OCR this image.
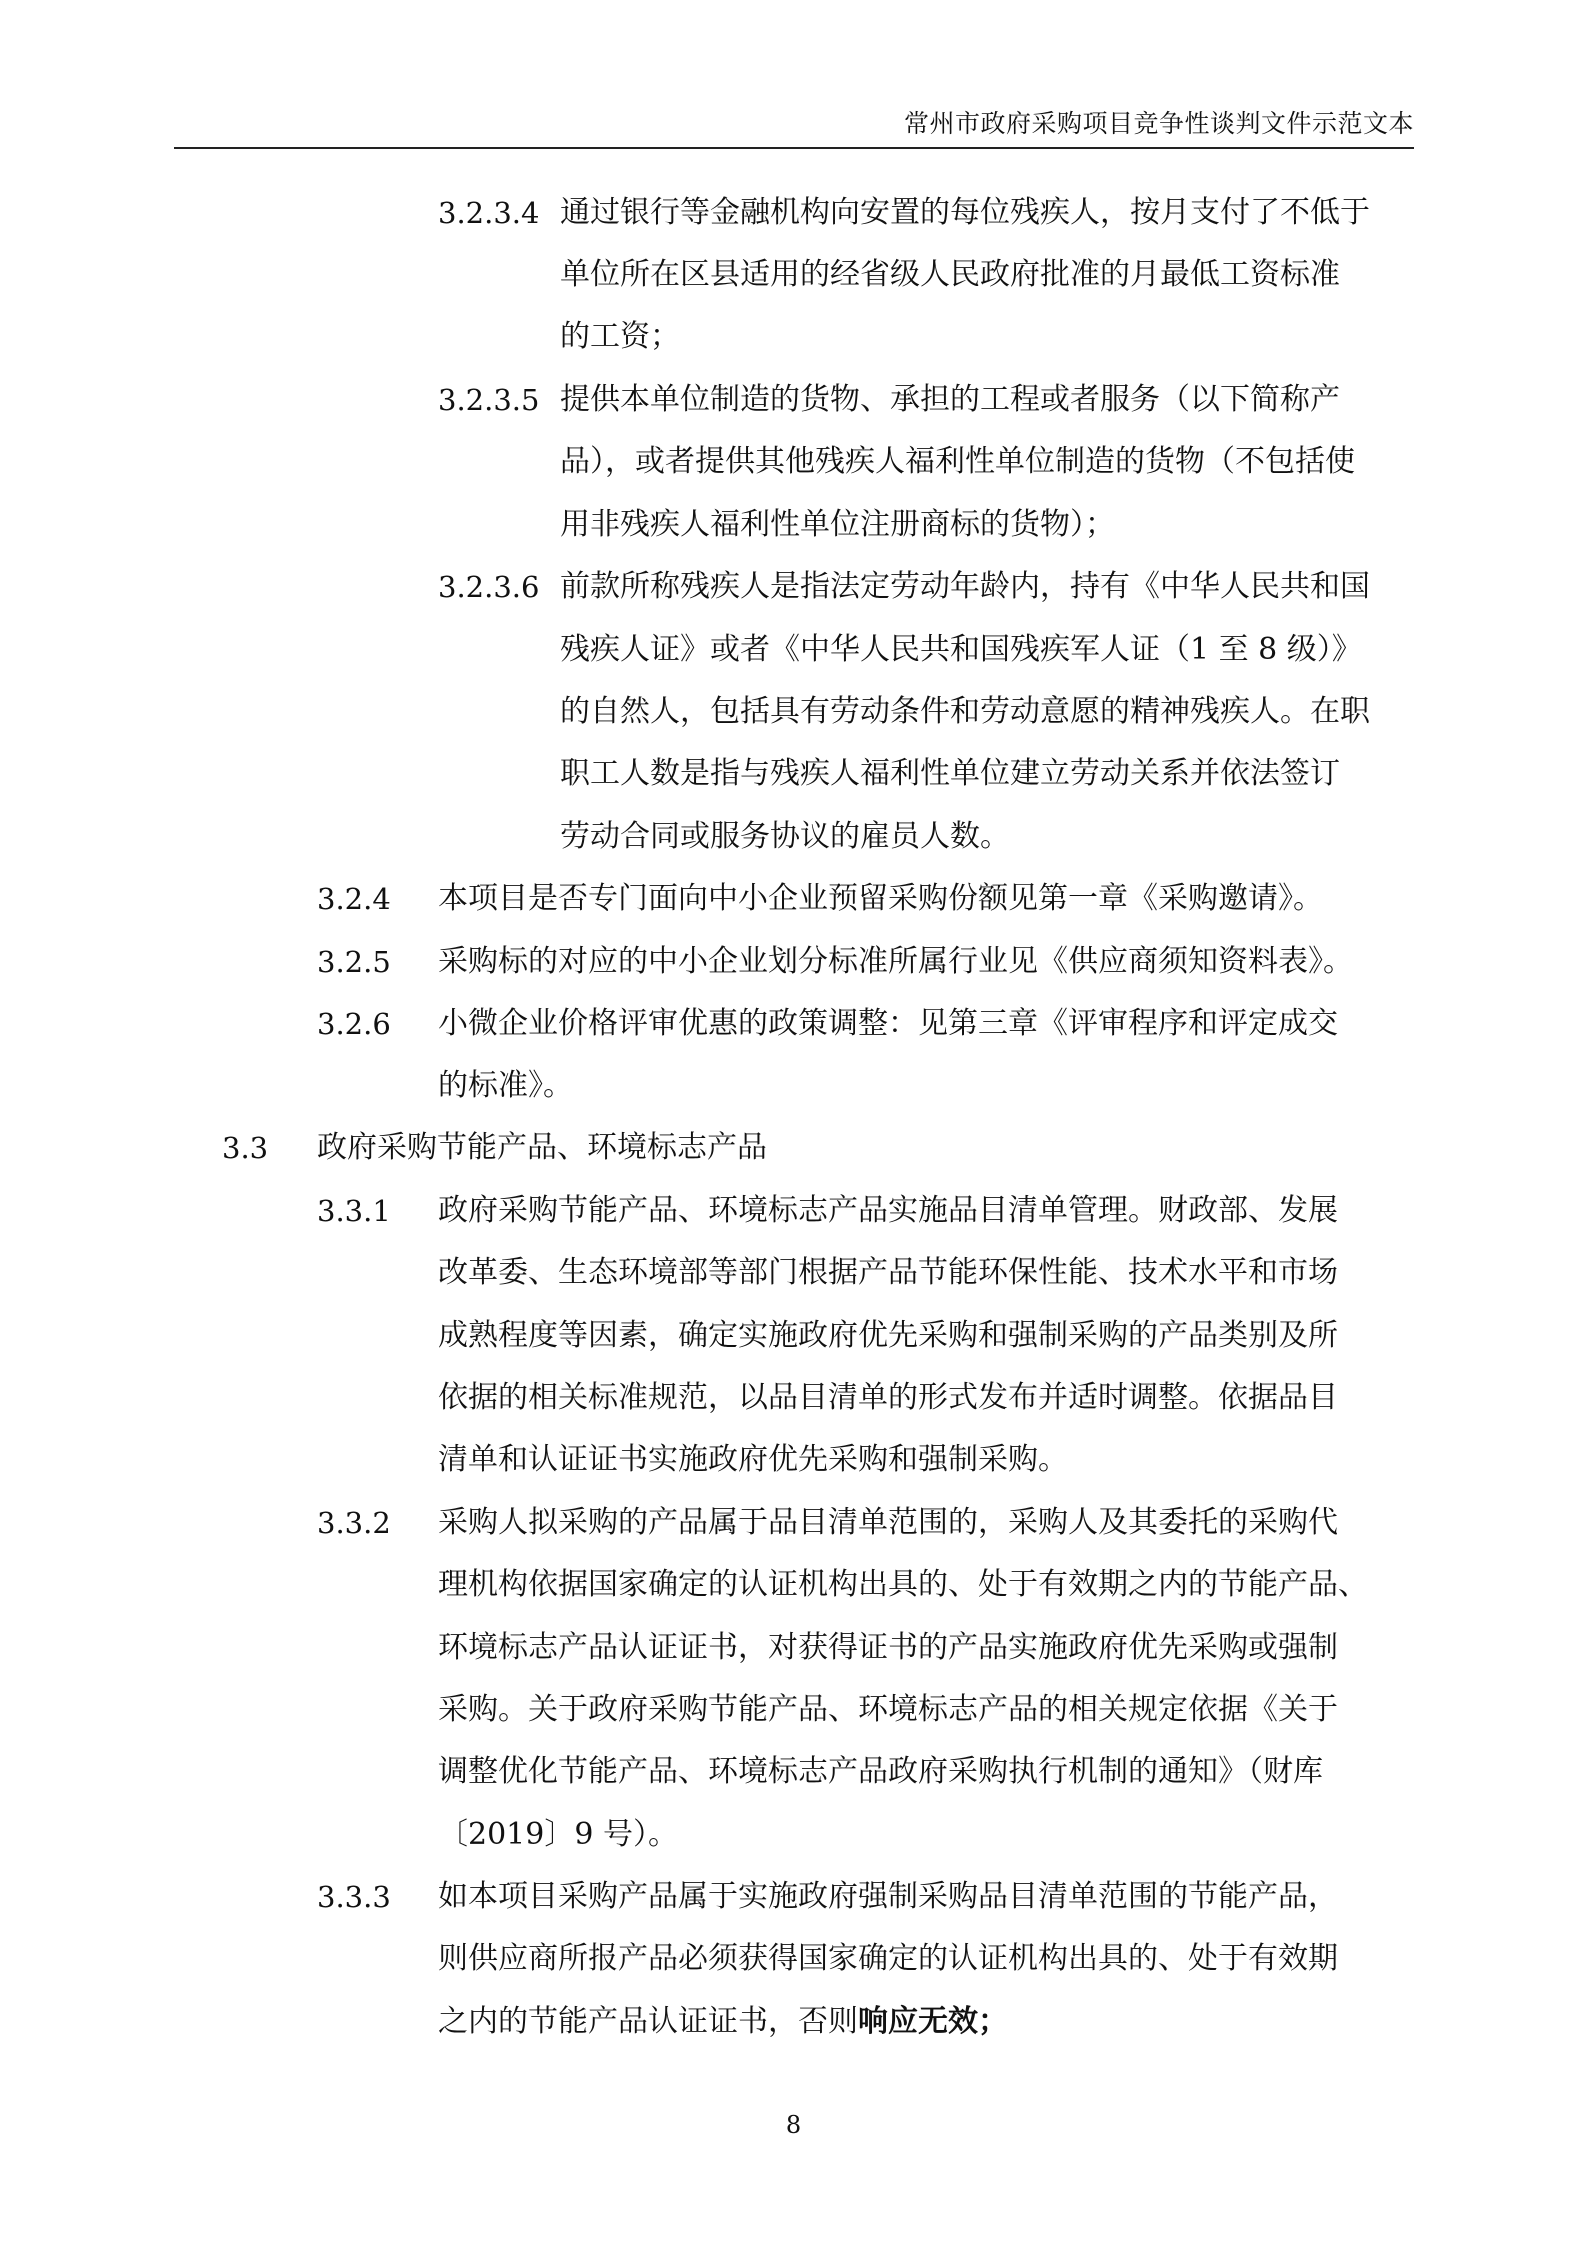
常州市政府采购项目竞争性谈判文件示范文本
3.2.3.4 通过银行等金融机构向安置的每位残疾人，按月支付了不低于
单位所在区县适用的经省级人民政府批准的月最低工资标准
的工资；
3.2.3.5 提供本单位制造的货物、承担的工程或者服务（以下简称产
品），或者提供其他残疾人福利性单位制造的货物（不包括使
用非残疾人福利性单位注册商标的货物）；
3.2.3.6 前款所称残疾人是指法定劳动年龄内，持有《中华人民共和国
残疾人证》或者《中华人民共和国残疾军人证（1 至 8 级）》
的自然人，包括具有劳动条件和劳动意愿的精神残疾人。在职
职工人数是指与残疾人福利性单位建立劳动关系并依法签订
劳动合同或服务协议的雇员人数。
3.2.4 本项目是否专门面向中小企业预留采购份额见第一章《采购邀请》。
3.2.5 采购标的对应的中小企业划分标准所属行业见《供应商须知资料表》。
3.2.6 小微企业价格评审优惠的政策调整：见第三章《评审程序和评定成交
的标准》。
3.3 政府采购节能产品、环境标志产品
3.3.1 政府采购节能产品、环境标志产品实施品目清单管理。财政部、发展
改革委、生态环境部等部门根据产品节能环保性能、技术水平和市场
成熟程度等因素，确定实施政府优先采购和强制采购的产品类别及所
依据的相关标准规范，以品目清单的形式发布并适时调整。依据品目
清单和认证证书实施政府优先采购和强制采购。
3.3.2 采购人拟采购的产品属于品目清单范围的，采购人及其委托的采购代
理机构依据国家确定的认证机构出具的、处于有效期之内的节能产品、
环境标志产品认证证书，对获得证书的产品实施政府优先采购或强制
采购。关于政府采购节能产品、环境标志产品的相关规定依据《关于
调整优化节能产品、环境标志产品政府采购执行机制的通知》（财库
〔2019〕9 号）。
3.3.3 如本项目采购产品属于实施政府强制采购品目清单范围的节能产品，
则供应商所报产品必须获得国家确定的认证机构出具的、处于有效期
之内的节能产品认证证书，否则响应无效；
8
